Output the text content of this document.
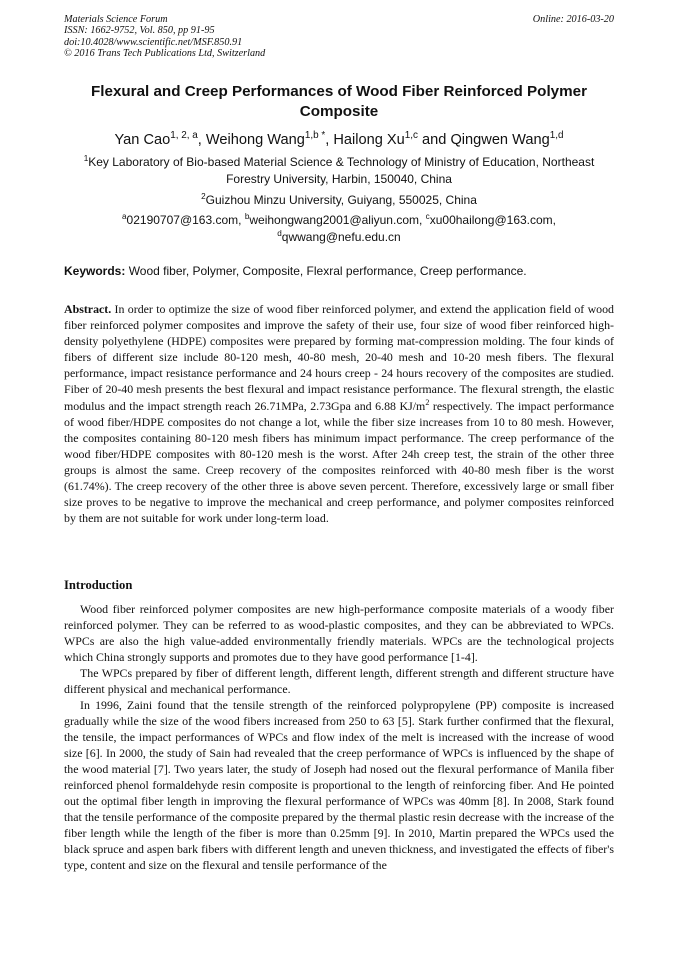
Materials Science Forum
ISSN: 1662-9752, Vol. 850, pp 91-95
doi:10.4028/www.scientific.net/MSF.850.91
© 2016 Trans Tech Publications Ltd, Switzerland
Online: 2016-03-20
Flexural and Creep Performances of Wood Fiber Reinforced Polymer Composite
Yan Cao$^{1, 2, a}$, Weihong Wang$^{1,b *}$, Hailong Xu$^{1,c}$ and Qingwen Wang$^{1,d}$
$^1$Key Laboratory of Bio-based Material Science & Technology of Ministry of Education, Northeast Forestry University, Harbin, 150040, China
$^2$Guizhou Minzu University, Guiyang, 550025, China
$^a$02190707@163.com, $^b$weihongwang2001@aliyun.com, $^c$xu00hailong@163.com, $^d$qwwang@nefu.edu.cn
Keywords: Wood fiber, Polymer, Composite, Flexral performance, Creep performance.
Abstract. In order to optimize the size of wood fiber reinforced polymer, and extend the application field of wood fiber reinforced polymer composites and improve the safety of their use, four size of wood fiber reinforced high-density polyethylene (HDPE) composites were prepared by forming mat-compression molding. The four kinds of fibers of different size include 80-120 mesh, 40-80 mesh, 20-40 mesh and 10-20 mesh fibers. The flexural performance, impact resistance performance and 24 hours creep - 24 hours recovery of the composites are studied. Fiber of 20-40 mesh presents the best flexural and impact resistance performance. The flexural strength, the elastic modulus and the impact strength reach 26.71MPa, 2.73Gpa and 6.88 $KJ/m^2$ respectively. The impact performance of wood fiber/HDPE composites do not change a lot, while the fiber size increases from 10 to 80 mesh. However, the composites containing 80-120 mesh fibers has minimum impact performance. The creep performance of the wood fiber/HDPE composites with 80-120 mesh is the worst. After 24h creep test, the strain of the other three groups is almost the same. Creep recovery of the composites reinforced with 40-80 mesh fiber is the worst (61.74%). The creep recovery of the other three is above seven percent. Therefore, excessively large or small fiber size proves to be negative to improve the mechanical and creep performance, and polymer composites reinforced by them are not suitable for work under long-term load.
Introduction

Wood fiber reinforced polymer composites are new high-performance composite materials of a woody fiber reinforced polymer. They can be referred to as wood-plastic composites, and they can be abbreviated to WPCs. WPCs are also the high value-added environmentally friendly materials. WPCs are the technological projects which China strongly supports and promotes due to they have good performance [1-4].

The WPCs prepared by fiber of different length, different length, different strength and different structure have different physical and mechanical performance.

In 1996, Zaini found that the tensile strength of the reinforced polypropylene (PP) composite is increased gradually while the size of the wood fibers increased from 250 to 63 [5]. Stark further confirmed that the flexural, the tensile, the impact performances of WPCs and flow index of the melt is increased with the increase of wood size [6]. In 2000, the study of Sain had revealed that the creep performance of WPCs is influenced by the shape of the wood material [7]. Two years later, the study of Joseph had nosed out the flexural performance of Manila fiber reinforced phenol formaldehyde resin composite is proportional to the length of reinforcing fiber. And He pointed out the optimal fiber length in improving the flexural performance of WPCs was 40mm [8]. In 2008, Stark found that the tensile performance of the composite prepared by the thermal plastic resin decrease with the increase of the fiber length while the length of the fiber is more than 0.25mm [9]. In 2010, Martin prepared the WPCs used the black spruce and aspen bark fibers with different length and uneven thickness, and investigated the effects of fiber's type, content and size on the flexural and tensile performance of the
